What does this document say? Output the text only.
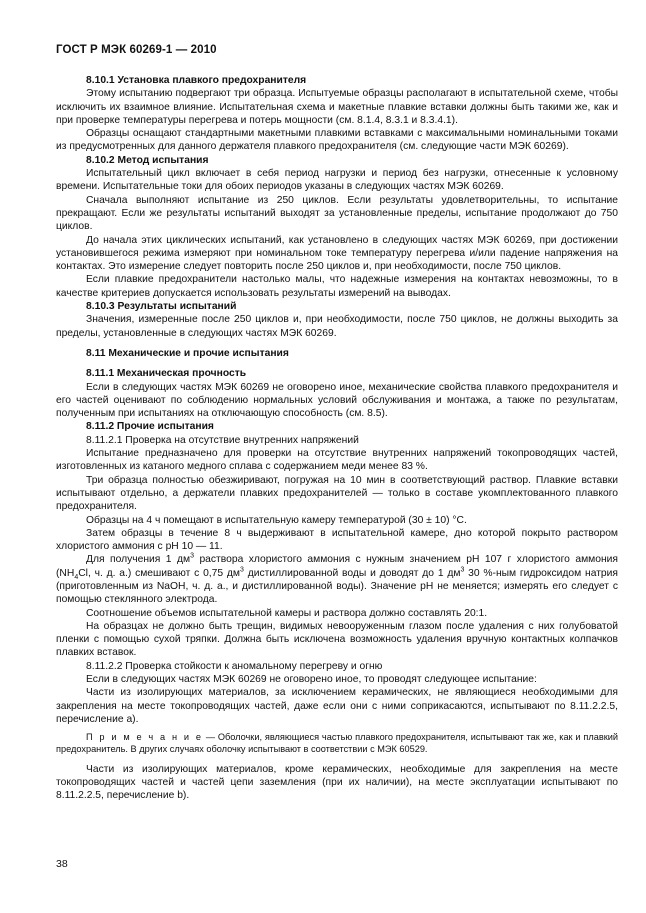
ГОСТ Р МЭК 60269-1 — 2010

8.10.1 Установка плавкого предохранителя

Этому испытанию подвергают три образца. Испытуемые образцы располагают в испытательной схеме, чтобы исключить их взаимное влияние. Испытательная схема и макетные плавкие вставки должны быть такими же, как и при проверке температуры перегрева и потерь мощности (см. 8.1.4, 8.3.1 и 8.3.4.1).

Образцы оснащают стандартными макетными плавкими вставками с максимальными номинальными токами из предусмотренных для данного держателя плавкого предохранителя (см. следующие части МЭК 60269).

8.10.2 Метод испытания

Испытательный цикл включает в себя период нагрузки и период без нагрузки, отнесенные к условному времени. Испытательные токи для обоих периодов указаны в следующих частях МЭК 60269.

Сначала выполняют испытание из 250 циклов. Если результаты удовлетворительны, то испытание прекращают. Если же результаты испытаний выходят за установленные пределы, испытание продолжают до 750 циклов.

До начала этих циклических испытаний, как установлено в следующих частях МЭК 60269, при достижении установившегося режима измеряют при номинальном токе температуру перегрева и/или падение напряжения на контактах. Это измерение следует повторить после 250 циклов и, при необходимости, после 750 циклов.

Если плавкие предохранители настолько малы, что надежные измерения на контактах невозможны, то в качестве критериев допускается использовать результаты измерений на выводах.

8.10.3 Результаты испытаний

Значения, измеренные после 250 циклов и, при необходимости, после 750 циклов, не должны выходить за пределы, установленные в следующих частях МЭК 60269.

8.11 Механические и прочие испытания

8.11.1 Механическая прочность

Если в следующих частях МЭК 60269 не оговорено иное, механические свойства плавкого предохранителя и его частей оценивают по соблюдению нормальных условий обслуживания и монтажа, а также по результатам, полученным при испытаниях на отключающую способность (см. 8.5).

8.11.2 Прочие испытания

8.11.2.1 Проверка на отсутствие внутренних напряжений

Испытание предназначено для проверки на отсутствие внутренних напряжений токопроводящих частей, изготовленных из катаного медного сплава с содержанием меди менее 83 %.

Три образца полностью обезжиривают, погружая на 10 мин в соответствующий раствор. Плавкие вставки испытывают отдельно, а держатели плавких предохранителей — только в составе укомплектованного плавкого предохранителя.

Образцы на 4 ч помещают в испытательную камеру температурой (30 ± 10) °С.

Затем образцы в течение 8 ч выдерживают в испытательной камере, дно которой покрыто раствором хлористого аммония с рН 10 — 11.

Для получения 1 $дм^3$ раствора хлористого аммония с нужным значением рН 107 г хлористого аммония ($NH_4Cl$, ч. д. а.) смешивают с 0,75 $дм^3$ дистиллированной воды и доводят до 1 $дм^3$ 30 %-ным гидроксидом натрия (приготовленным из NaOH, ч. д. а., и дистиллированной воды). Значение рН не меняется; измерять его следует с помощью стеклянного электрода.

Соотношение объемов испытательной камеры и раствора должно составлять 20:1.

На образцах не должно быть трещин, видимых невооруженным глазом после удаления с них голубоватой пленки с помощью сухой тряпки. Должна быть исключена возможность удаления вручную контактных колпачков плавких вставок.

8.11.2.2 Проверка стойкости к аномальному перегреву и огню

Если в следующих частях МЭК 60269 не оговорено иное, то проводят следующее испытание:

Части из изолирующих материалов, за исключением керамических, не являющиеся необходимыми для закрепления на месте токопроводящих частей, даже если они с ними соприкасаются, испытывают по 8.11.2.2.5, перечисление а).

П р и м е ч а н и е — Оболочки, являющиеся частью плавкого предохранителя, испытывают так же, как и плавкий предохранитель. В других случаях оболочку испытывают в соответствии с МЭК 60529.

Части из изолирующих материалов, кроме керамических, необходимые для закрепления на месте токопроводящих частей и частей цепи заземления (при их наличии), на месте эксплуатации испытывают по 8.11.2.2.5, перечисление b).

38
